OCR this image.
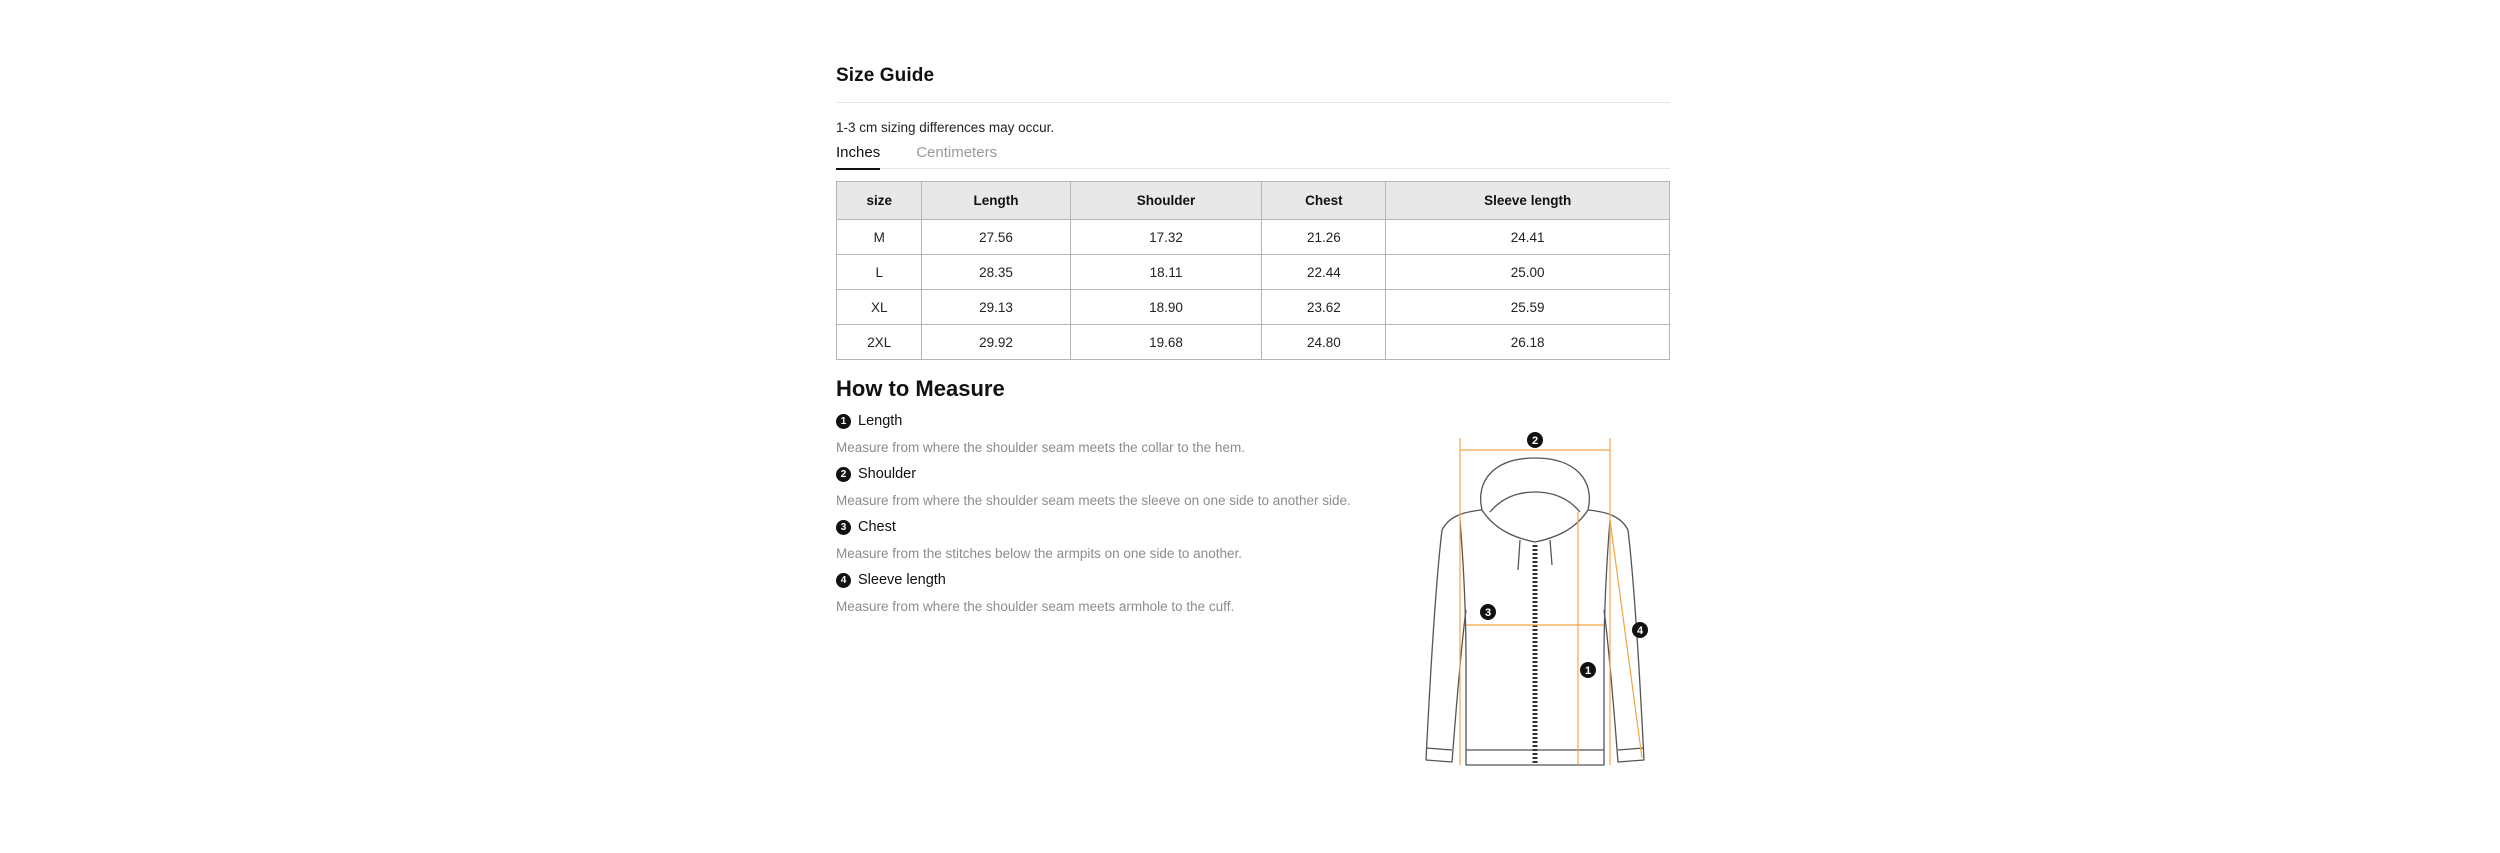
Size Guide
1-3 cm sizing differences may occur.
Inches Centimeters
size	Length	Shoulder	Chest	Sleeve length
M	27.56	17.32	21.26	24.41
L	28.35	18.11	22.44	25.00
XL	29.13	18.90	23.62	25.59
2XL	29.92	19.68	24.80	26.18
How to Measure
1 Length
Measure from where the shoulder seam meets the collar to the hem.
2 Shoulder
Measure from where the shoulder seam meets the sleeve on one side to another side.
3 Chest
Measure from the stitches below the armpits on one side to another.
4 Sleeve length
Measure from where the shoulder seam meets armhole to the cuff.
2
3
1
4
